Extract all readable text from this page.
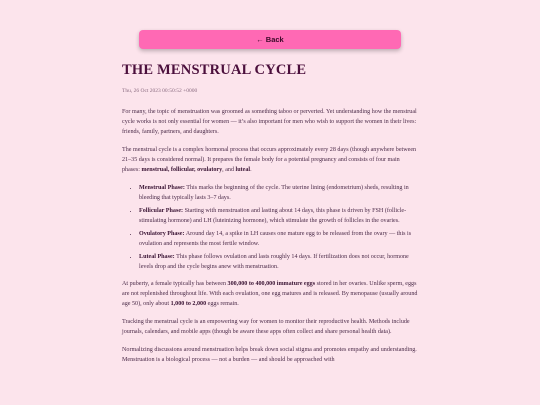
← Back
THE MENSTRUAL CYCLE
Thu, 26 Oct 2023 00:50:52 +0000

For many, the topic of menstruation was groomed as something taboo or perverted. Yet understanding how the menstrual cycle works is not only essential for women — it’s also important for men who wish to support the women in their lives: friends, family, partners, and daughters.

The menstrual cycle is a complex hormonal process that occurs approximately every 28 days (though anywhere between 21–35 days is considered normal). It prepares the female body for a potential pregnancy and consists of four main phases: menstrual, follicular, ovulatory, and luteal.

• Menstrual Phase: This marks the beginning of the cycle. The uterine lining (endometrium) sheds, resulting in bleeding that typically lasts 3–7 days.
• Follicular Phase: Starting with menstruation and lasting about 14 days, this phase is driven by FSH (follicle-stimulating hormone) and LH (luteinizing hormone), which stimulate the growth of follicles in the ovaries.
• Ovulatory Phase: Around day 14, a spike in LH causes one mature egg to be released from the ovary — this is ovulation and represents the most fertile window.
• Luteal Phase: This phase follows ovulation and lasts roughly 14 days. If fertilization does not occur, hormone levels drop and the cycle begins anew with menstruation.

At puberty, a female typically has between 300,000 to 400,000 immature eggs stored in her ovaries. Unlike sperm, eggs are not replenished throughout life. With each ovulation, one egg matures and is released. By menopause (usually around age 50), only about 1,000 to 2,000 eggs remain.

Tracking the menstrual cycle is an empowering way for women to monitor their reproductive health. Methods include journals, calendars, and mobile apps (though be aware these apps often collect and share personal health data).

Normalizing discussions around menstruation helps break down social stigma and promotes empathy and understanding. Menstruation is a biological process — not a burden — and should be approached with
